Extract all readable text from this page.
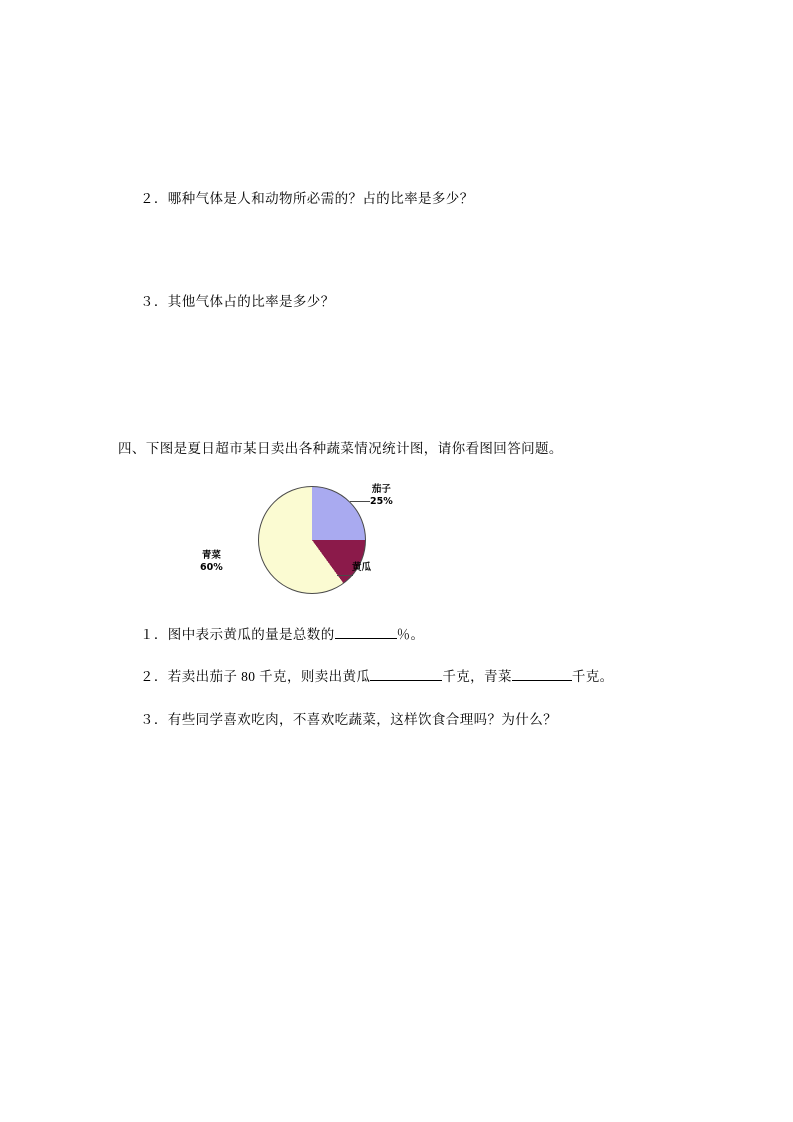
２．哪种气体是人和动物所必需的？占的比率是多少？
３．其他气体占的比率是多少？
四、下图是夏日超市某日卖出各种蔬菜情况统计图，请你看图回答问题。
茄子
25%
青菜
60%	黄瓜
１．图中表示黄瓜的量是总数的	％。
２．若卖出茄子 80 千克，则卖出黄瓜	千克，青菜	千克。
３．有些同学喜欢吃肉，不喜欢吃蔬菜，这样饮食合理吗？为什么？
